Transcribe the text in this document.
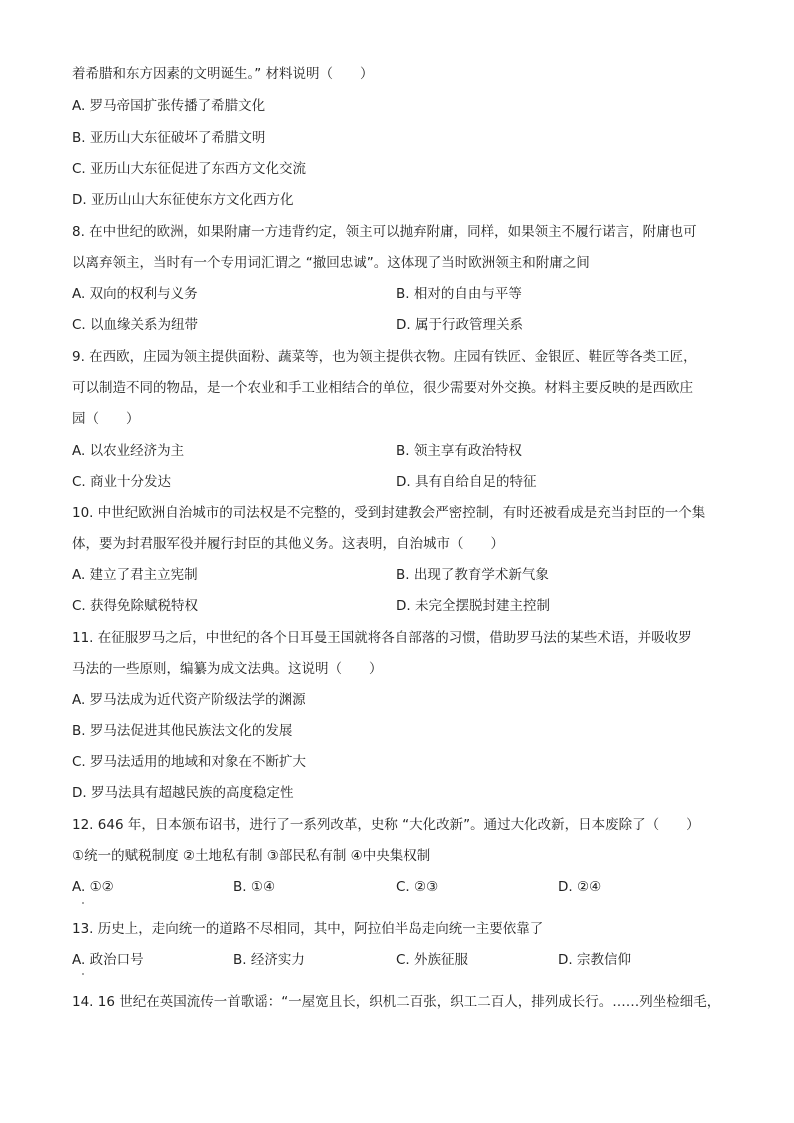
着希腊和东方因素的文明诞生。” 材料说明（　　）
A. 罗马帝国扩张传播了希腊文化
B. 亚历山大东征破坏了希腊文明
C. 亚历山大东征促进了东西方文化交流
D. 亚历山山大东征使东方文化西方化
8. 在中世纪的欧洲，如果附庸一方违背约定，领主可以抛弃附庸，同样，如果领主不履行诺言，附庸也可
以离弃领主，当时有一个专用词汇谓之 “撤回忠诚”。这体现了当时欧洲领主和附庸之间
A. 双向的权利与义务	B. 相对的自由与平等
C. 以血缘关系为纽带	D. 属于行政管理关系
9. 在西欧，庄园为领主提供面粉、蔬菜等，也为领主提供衣物。庄园有铁匠、金银匠、鞋匠等各类工匠，
可以制造不同的物品，是一个农业和手工业相结合的单位，很少需要对外交换。材料主要反映的是西欧庄
园（　　）
A. 以农业经济为主	B. 领主享有政治特权
C. 商业十分发达	D. 具有自给自足的特征
10. 中世纪欧洲自治城市的司法权是不完整的，受到封建教会严密控制，有时还被看成是充当封臣的一个集
体，要为封君服军役并履行封臣的其他义务。这表明，自治城市（　　）
A. 建立了君主立宪制	B. 出现了教育学术新气象
C. 获得免除赋税特权	D. 未完全摆脱封建主控制
11. 在征服罗马之后，中世纪的各个日耳曼王国就将各自部落的习惯，借助罗马法的某些术语，并吸收罗
马法的一些原则，编纂为成文法典。这说明（　　）
A. 罗马法成为近代资产阶级法学的渊源
B. 罗马法促进其他民族法文化的发展
C. 罗马法适用的地域和对象在不断扩大
D. 罗马法具有超越民族的高度稳定性
12. 646 年，日本颁布诏书，进行了一系列改革，史称 “大化改新”。通过大化改新，日本废除了（　　）
①统一的赋税制度 ②土地私有制 ③部民私有制 ④中央集权制
A. ①②	B. ①④	C. ②③	D. ②④
13. 历史上，走向统一的道路不尽相同，其中，阿拉伯半岛走向统一主要依靠了
A. 政治口号	B. 经济实力	C. 外族征服	D. 宗教信仰
14. 16 世纪在英国流传一首歌谣：“一屋宽且长，织机二百张，织工二百人，排列成长行。……列坐检细毛，
